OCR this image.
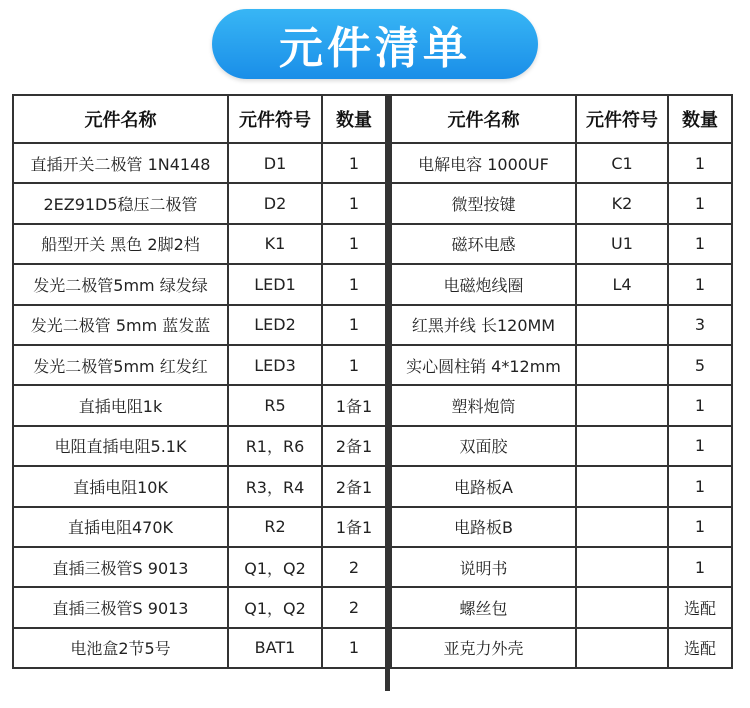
元件清单
元件名称	元件符号	数量
直插开关二极管 1N4148	D1	1
2EZ91D5稳压二极管	D2	1
船型开关 黑色 2脚2档	K1	1
发光二极管5mm 绿发绿	LED1	1
发光二极管 5mm 蓝发蓝	LED2	1
发光二极管5mm 红发红	LED3	1
直插电阻1k	R5	1备1
电阻直插电阻5.1K	R1，R6	2备1
直插电阻10K	R3，R4	2备1
直插电阻470K	R2	1备1
直插三极管S 9013	Q1，Q2	2
直插三极管S 9013	Q1，Q2	2
电池盒2节5号	BAT1	1
元件名称	元件符号	数量
电解电容 1000UF	C1	1
微型按键	K2	1
磁环电感	U1	1
电磁炮线圈	L4	1
红黑并线 长120MM		3
实心圆柱销 4*12mm		5
塑料炮筒		1
双面胶		1
电路板A		1
电路板B		1
说明书		1
螺丝包		选配
亚克力外壳		选配
